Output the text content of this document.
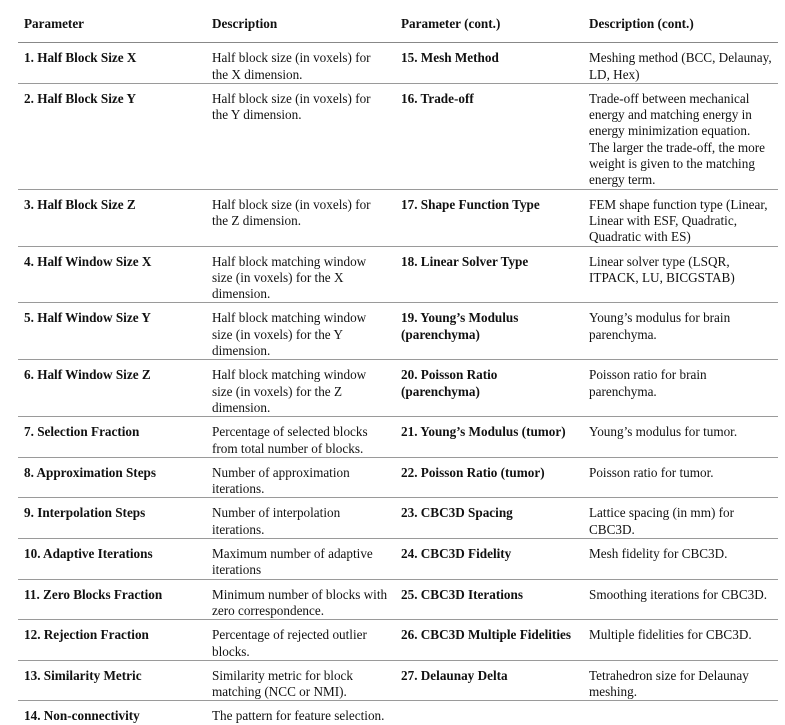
Parameter	Description	Parameter (cont.)	Description (cont.)
1. Half Block Size X	Half block size (in voxels) for the X dimension.	15. Mesh Method	Meshing method (BCC, Delaunay, LD, Hex)
2. Half Block Size Y	Half block size (in voxels) for the Y dimension.	16. Trade-off	Trade-off between mechanical energy and matching energy in energy minimization equation. The larger the trade-off, the more weight is given to the matching energy term.
3. Half Block Size Z	Half block size (in voxels) for the Z dimension.	17. Shape Function Type	FEM shape function type (Linear, Linear with ESF, Quadratic, Quadratic with ES)
4. Half Window Size X	Half block matching window size (in voxels) for the X dimension.	18. Linear Solver Type	Linear solver type (LSQR, ITPACK, LU, BICGSTAB)
5. Half Window Size Y	Half block matching window size (in voxels) for the Y dimension.	19. Young’s Modulus (parenchyma)	Young’s modulus for brain parenchyma.
6. Half Window Size Z	Half block matching window size (in voxels) for the Z dimension.	20. Poisson Ratio (parenchyma)	Poisson ratio for brain parenchyma.
7. Selection Fraction	Percentage of selected blocks from total number of blocks.	21. Young’s Modulus (tumor)	Young’s modulus for tumor.
8. Approximation Steps	Number of approximation iterations.	22. Poisson Ratio (tumor)	Poisson ratio for tumor.
9. Interpolation Steps	Number of interpolation iterations.	23. CBC3D Spacing	Lattice spacing (in mm) for CBC3D.
10. Adaptive Iterations	Maximum number of adaptive iterations	24. CBC3D Fidelity	Mesh fidelity for CBC3D.
11. Zero Blocks Fraction	Minimum number of blocks with zero correspondence.	25. CBC3D Iterations	Smoothing iterations for CBC3D.
12. Rejection Fraction	Percentage of rejected outlier blocks.	26. CBC3D Multiple Fidelities	Multiple fidelities for CBC3D.
13. Similarity Metric	Similarity metric for block matching (NCC or NMI).	27. Delaunay Delta	Tetrahedron size for Delaunay meshing.
14. Non-connectivity	The pattern for feature selection.		
